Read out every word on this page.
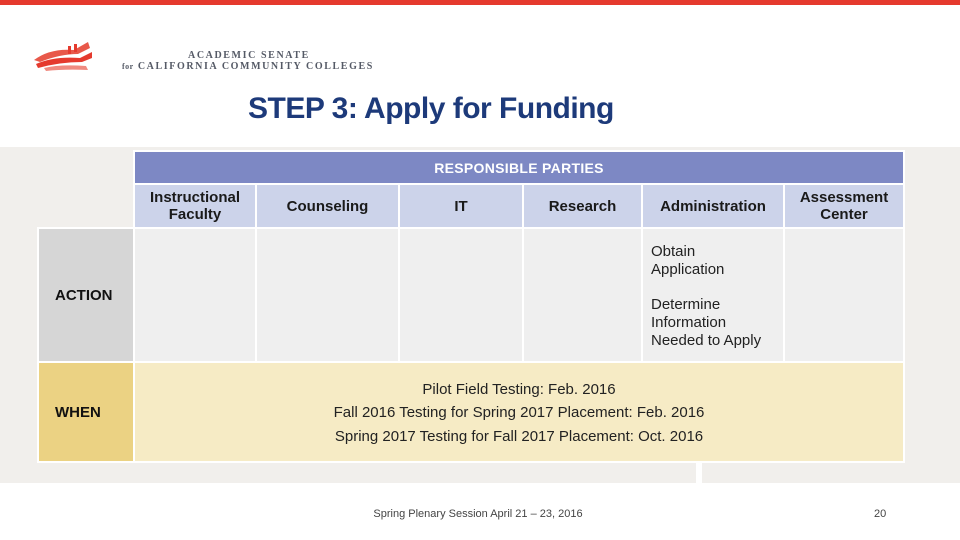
ACADEMIC SENATE
for CALIFORNIA COMMUNITY COLLEGES
STEP 3: Apply for Funding
	RESPONSIBLE PARTIES					
	Instructional
Faculty	Counseling	IT	Research	Administration	Assessment
Center
ACTION					Obtain
Application
Determine
Information
Needed to Apply	

WHEN	Pilot Field Testing: Feb. 2016
Fall 2016 Testing for Spring 2017 Placement: Feb. 2016
Spring 2017 Testing for Fall 2017 Placement: Oct. 2016					
Spring Plenary Session April 21 – 23, 2016	20
